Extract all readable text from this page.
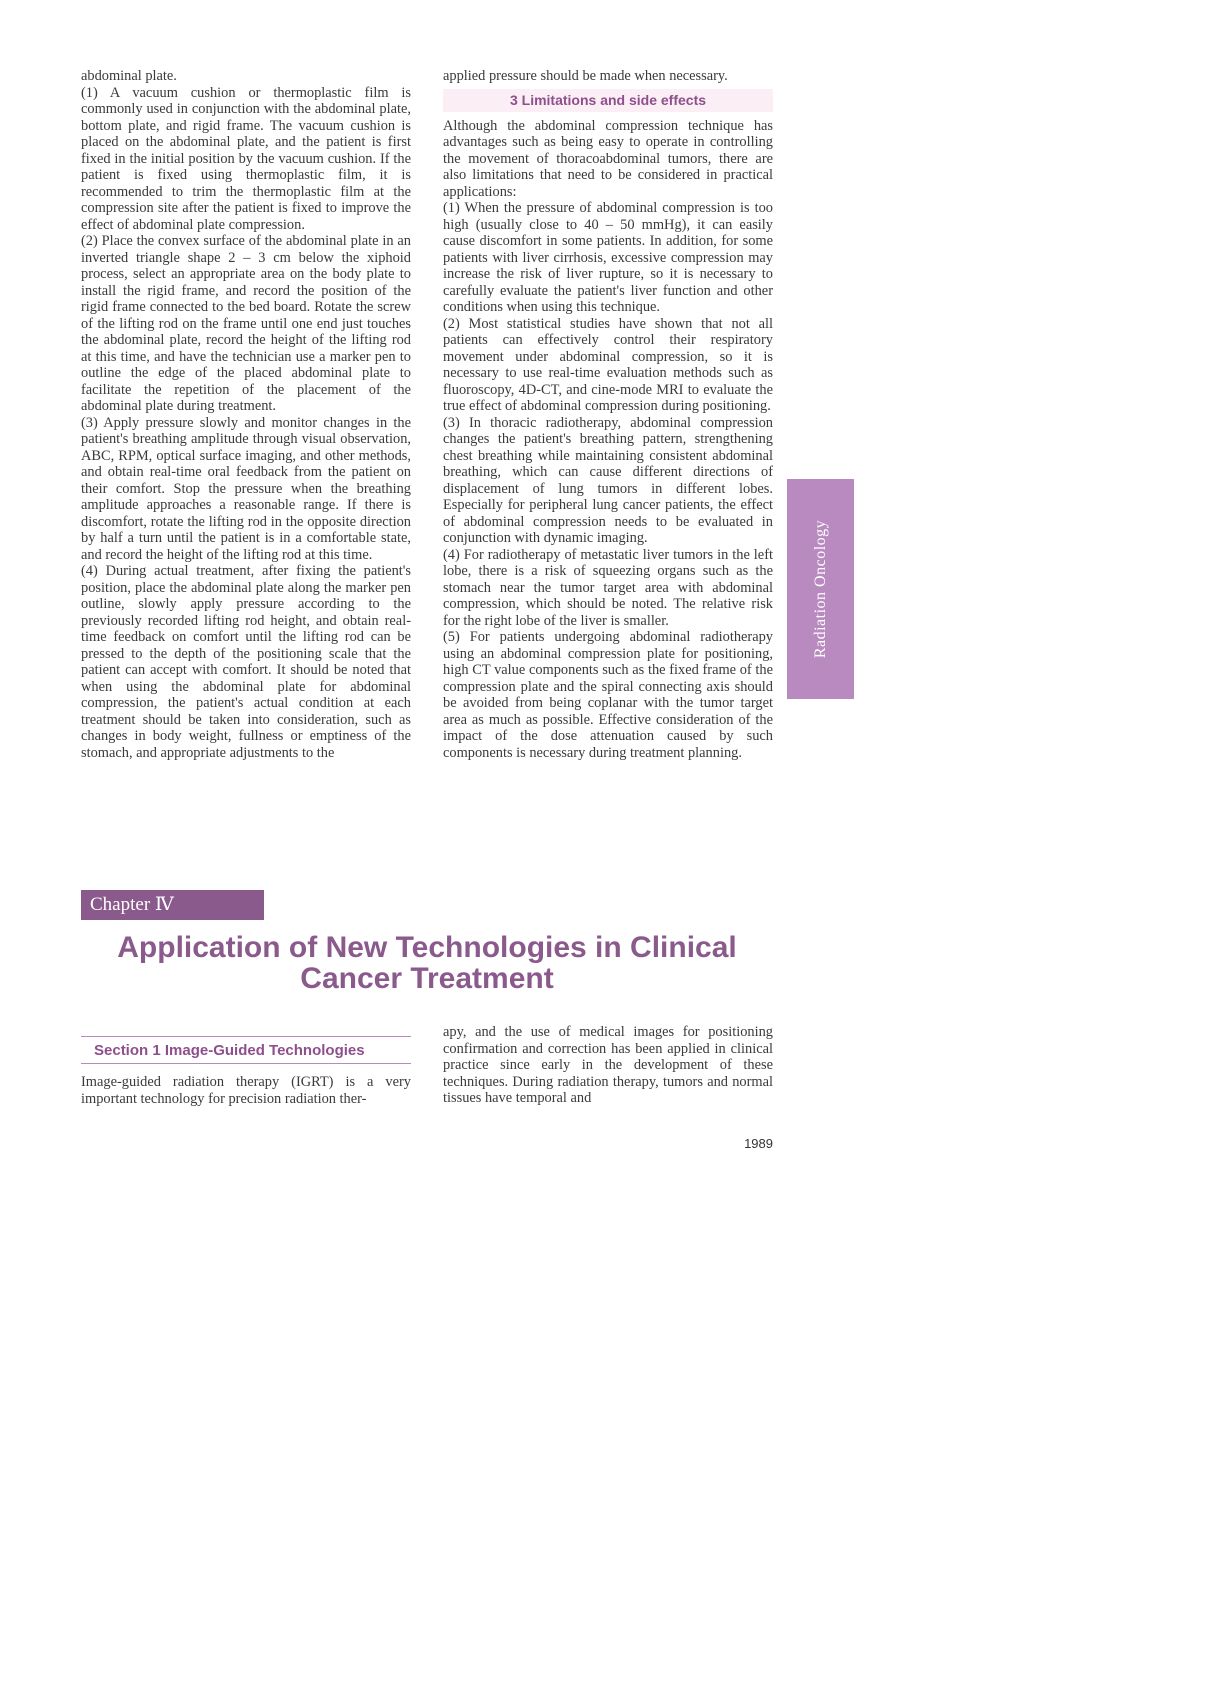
abdominal plate.

(1) A vacuum cushion or thermoplastic film is commonly used in conjunction with the abdominal plate, bottom plate, and rigid frame. The vacuum cushion is placed on the abdominal plate, and the patient is first fixed in the initial position by the vacuum cushion. If the patient is fixed using thermoplastic film, it is recommended to trim the thermoplastic film at the compression site after the patient is fixed to improve the effect of abdominal plate compression.

(2) Place the convex surface of the abdominal plate in an inverted triangle shape 2 – 3 cm below the xiphoid process, select an appropriate area on the body plate to install the rigid frame, and record the position of the rigid frame connected to the bed board. Rotate the screw of the lifting rod on the frame until one end just touches the abdominal plate, record the height of the lifting rod at this time, and have the technician use a marker pen to outline the edge of the placed abdominal plate to facilitate the repetition of the placement of the abdominal plate during treatment.

(3) Apply pressure slowly and monitor changes in the patient's breathing amplitude through visual observation, ABC, RPM, optical surface imaging, and other methods, and obtain real-time oral feedback from the patient on their comfort. Stop the pressure when the breathing amplitude approaches a reasonable range. If there is discomfort, rotate the lifting rod in the opposite direction by half a turn until the patient is in a comfortable state, and record the height of the lifting rod at this time.

(4) During actual treatment, after fixing the patient's position, place the abdominal plate along the marker pen outline, slowly apply pressure according to the previously recorded lifting rod height, and obtain real-time feedback on comfort until the lifting rod can be pressed to the depth of the positioning scale that the patient can accept with comfort. It should be noted that when using the abdominal plate for abdominal compression, the patient's actual condition at each treatment should be taken into consideration, such as changes in body weight, fullness or emptiness of the stomach, and appropriate adjustments to the

applied pressure should be made when necessary.

3 Limitations and side effects

Although the abdominal compression technique has advantages such as being easy to operate in controlling the movement of thoracoabdominal tumors, there are also limitations that need to be considered in practical applications:

(1) When the pressure of abdominal compression is too high (usually close to 40 – 50 mmHg), it can easily cause discomfort in some patients. In addition, for some patients with liver cirrhosis, excessive compression may increase the risk of liver rupture, so it is necessary to carefully evaluate the patient's liver function and other conditions when using this technique.

(2) Most statistical studies have shown that not all patients can effectively control their respiratory movement under abdominal compression, so it is necessary to use real-time evaluation methods such as fluoroscopy, 4D-CT, and cine-mode MRI to evaluate the true effect of abdominal compression during positioning.

(3) In thoracic radiotherapy, abdominal compression changes the patient's breathing pattern, strengthening chest breathing while maintaining consistent abdominal breathing, which can cause different directions of displacement of lung tumors in different lobes. Especially for peripheral lung cancer patients, the effect of abdominal compression needs to be evaluated in conjunction with dynamic imaging.

(4) For radiotherapy of metastatic liver tumors in the left lobe, there is a risk of squeezing organs such as the stomach near the tumor target area with abdominal compression, which should be noted. The relative risk for the right lobe of the liver is smaller.

(5) For patients undergoing abdominal radiotherapy using an abdominal compression plate for positioning, high CT value components such as the fixed frame of the compression plate and the spiral connecting axis should be avoided from being coplanar with the tumor target area as much as possible. Effective consideration of the impact of the dose attenuation caused by such components is necessary during treatment planning.

Radiation Oncology
Chapter Ⅳ
Application of New Technologies in Clinical
Cancer Treatment
Section 1 Image-Guided Technologies

Image-guided radiation therapy (IGRT) is a very important technology for precision radiation ther-

apy, and the use of medical images for positioning confirmation and correction has been applied in clinical practice since early in the development of these techniques. During radiation therapy, tumors and normal tissues have temporal and

1989
